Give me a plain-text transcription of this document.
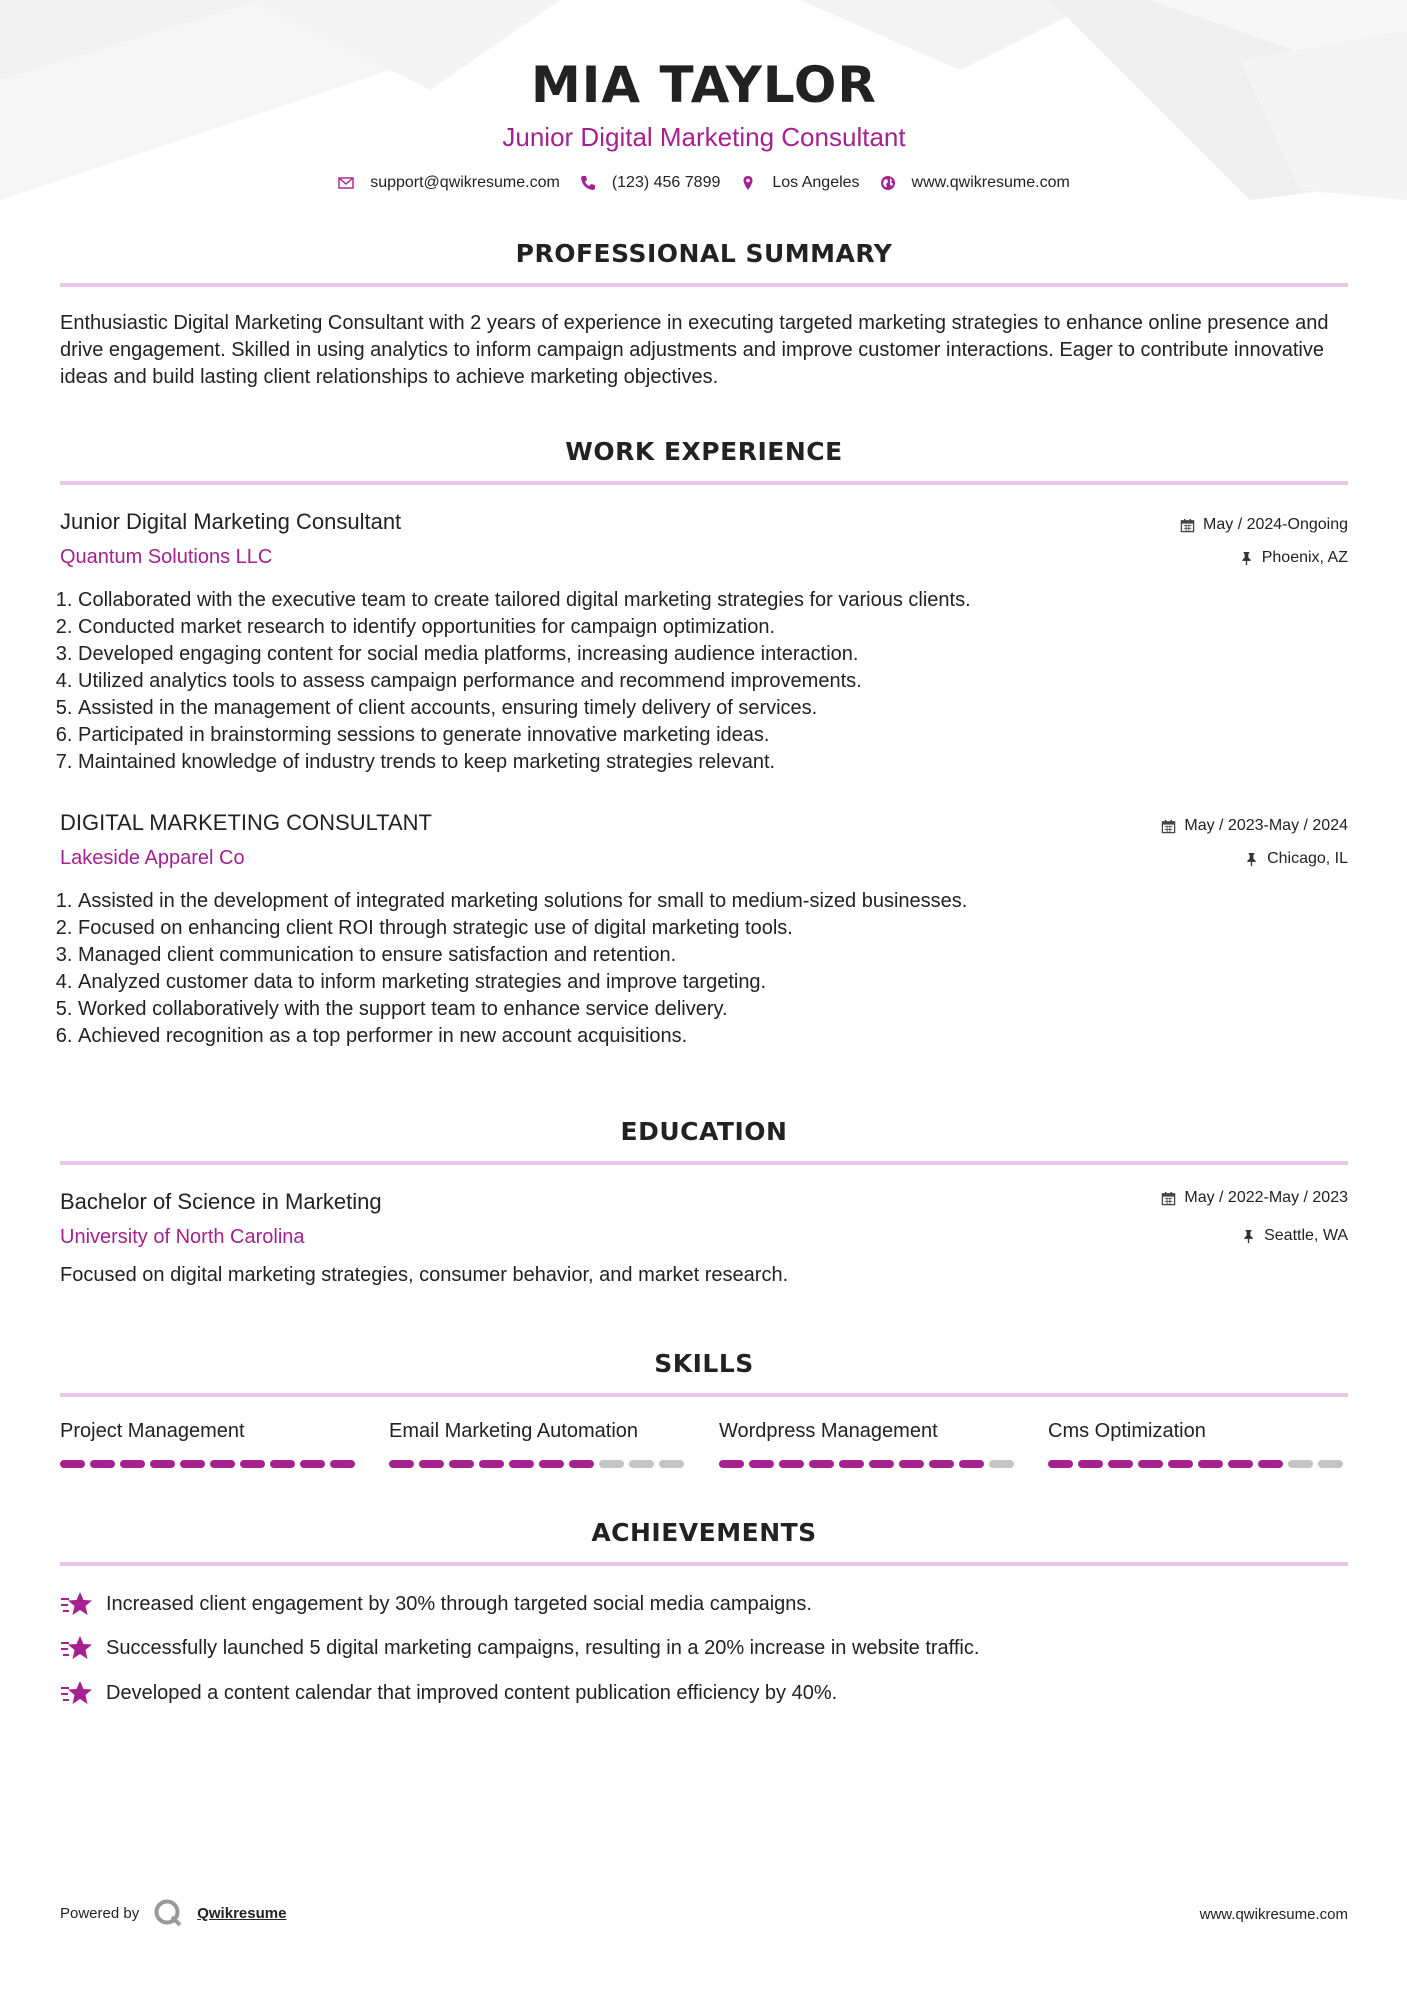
MIA TAYLOR
Junior Digital Marketing Consultant
support@qwikresume.com	(123) 456 7899	Los Angeles	www.qwikresume.com
PROFESSIONAL SUMMARY
Enthusiastic Digital Marketing Consultant with 2 years of experience in executing targeted marketing strategies to enhance online presence and drive engagement. Skilled in using analytics to inform campaign adjustments and improve customer interactions. Eager to contribute innovative ideas and build lasting client relationships to achieve marketing objectives.
WORK EXPERIENCE
Junior Digital Marketing Consultant
Quantum Solutions LLC
May / 2024-Ongoing
Phoenix, AZ
1. Collaborated with the executive team to create tailored digital marketing strategies for various clients.
2. Conducted market research to identify opportunities for campaign optimization.
3. Developed engaging content for social media platforms, increasing audience interaction.
4. Utilized analytics tools to assess campaign performance and recommend improvements.
5. Assisted in the management of client accounts, ensuring timely delivery of services.
6. Participated in brainstorming sessions to generate innovative marketing ideas.
7. Maintained knowledge of industry trends to keep marketing strategies relevant.
DIGITAL MARKETING CONSULTANT
Lakeside Apparel Co
May / 2023-May / 2024
Chicago, IL
1. Assisted in the development of integrated marketing solutions for small to medium-sized businesses.
2. Focused on enhancing client ROI through strategic use of digital marketing tools.
3. Managed client communication to ensure satisfaction and retention.
4. Analyzed customer data to inform marketing strategies and improve targeting.
5. Worked collaboratively with the support team to enhance service delivery.
6. Achieved recognition as a top performer in new account acquisitions.
EDUCATION
Bachelor of Science in Marketing
University of North Carolina
May / 2022-May / 2023
Seattle, WA
Focused on digital marketing strategies, consumer behavior, and market research.
SKILLS
Project Management	Email Marketing Automation	Wordpress Management	Cms Optimization
ACHIEVEMENTS
Increased client engagement by 30% through targeted social media campaigns.
Successfully launched 5 digital marketing campaigns, resulting in a 20% increase in website traffic.
Developed a content calendar that improved content publication efficiency by 40%.
Powered by	Qwikresume	www.qwikresume.com
